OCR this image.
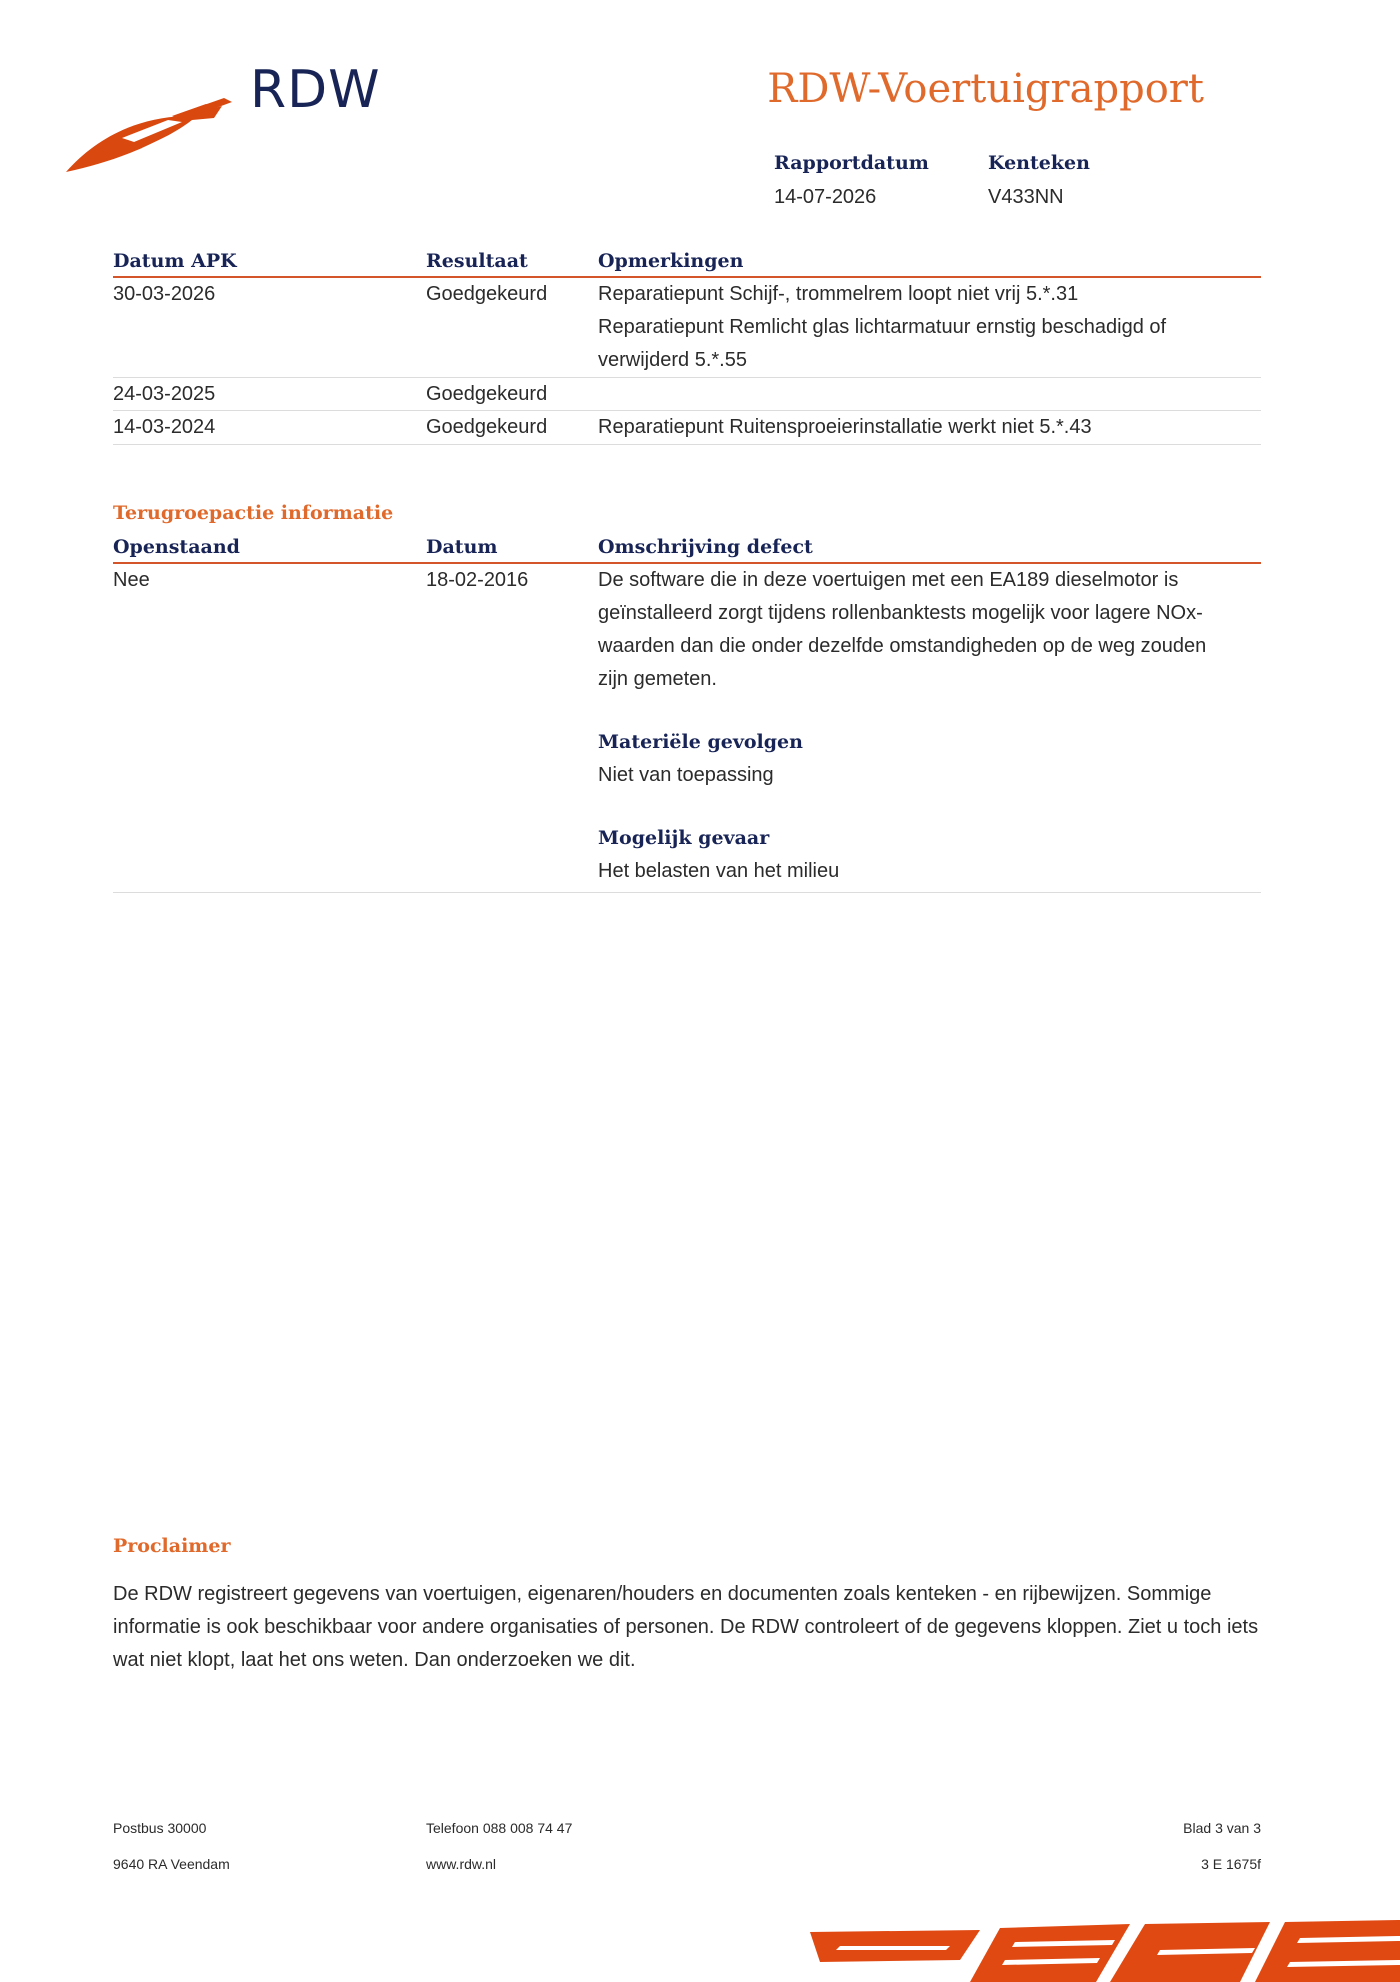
RDW	RDW-Voertuigrapport
Rapportdatum
14-07-2026
Kenteken
V433NN
Datum APK	Resultaat	Opmerkingen
30-03-2026	Goedgekeurd	Reparatiepunt Schijf-, trommelrem loopt niet vrij 5.*.31
Reparatiepunt Remlicht glas lichtarmatuur ernstig beschadigd of verwijderd 5.*.55
24-03-2025	Goedgekeurd
14-03-2024	Goedgekeurd	Reparatiepunt Ruitensproeierinstallatie werkt niet 5.*.43
Terugroepactie informatie
Openstaand	Datum	Omschrijving defect
Nee	18-02-2016	De software die in deze voertuigen met een EA189 dieselmotor is geïnstalleerd zorgt tijdens rollenbanktests mogelijk voor lagere NOx-waarden dan die onder dezelfde omstandigheden op de weg zouden zijn gemeten.
Materiële gevolgen
Niet van toepassing
Mogelijk gevaar
Het belasten van het milieu
Proclaimer
De RDW registreert gegevens van voertuigen, eigenaren/houders en documenten zoals kenteken - en rijbewijzen. Sommige informatie is ook beschikbaar voor andere organisaties of personen. De RDW controleert of de gegevens kloppen. Ziet u toch iets wat niet klopt, laat het ons weten. Dan onderzoeken we dit.
Postbus 30000
9640 RA Veendam
Telefoon 088 008 74 47
www.rdw.nl
Blad 3 van 3
3 E 1675f
